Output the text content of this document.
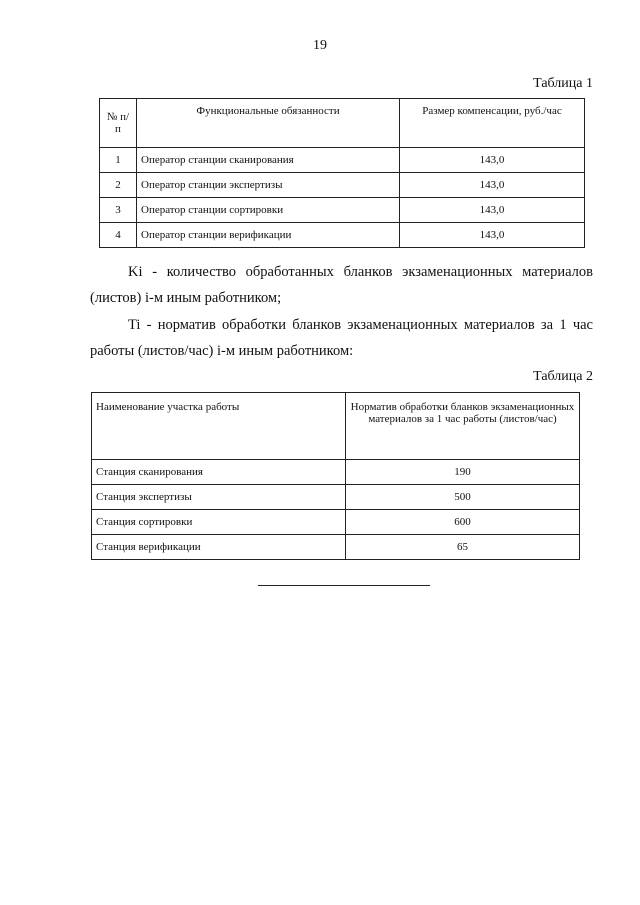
19
Таблица 1
№ п/п	Функциональные обязанности	Размер компенсации, руб./час
1	Оператор станции сканирования	143,0
2	Оператор станции экспертизы	143,0
3	Оператор станции сортировки	143,0
4	Оператор станции верификации	143,0
Ki - количество обработанных бланков экзаменационных материалов (листов) i-м иным работником;
Ti - норматив обработки бланков экзаменационных материалов за 1 час работы (листов/час) i-м иным работником:
Таблица 2
Наименование участка работы	Норматив обработки бланков экзаменационных материалов за 1 час работы (листов/час)
Станция сканирования	190
Станция экспертизы	500
Станция сортировки	600
Станция верификации	65
